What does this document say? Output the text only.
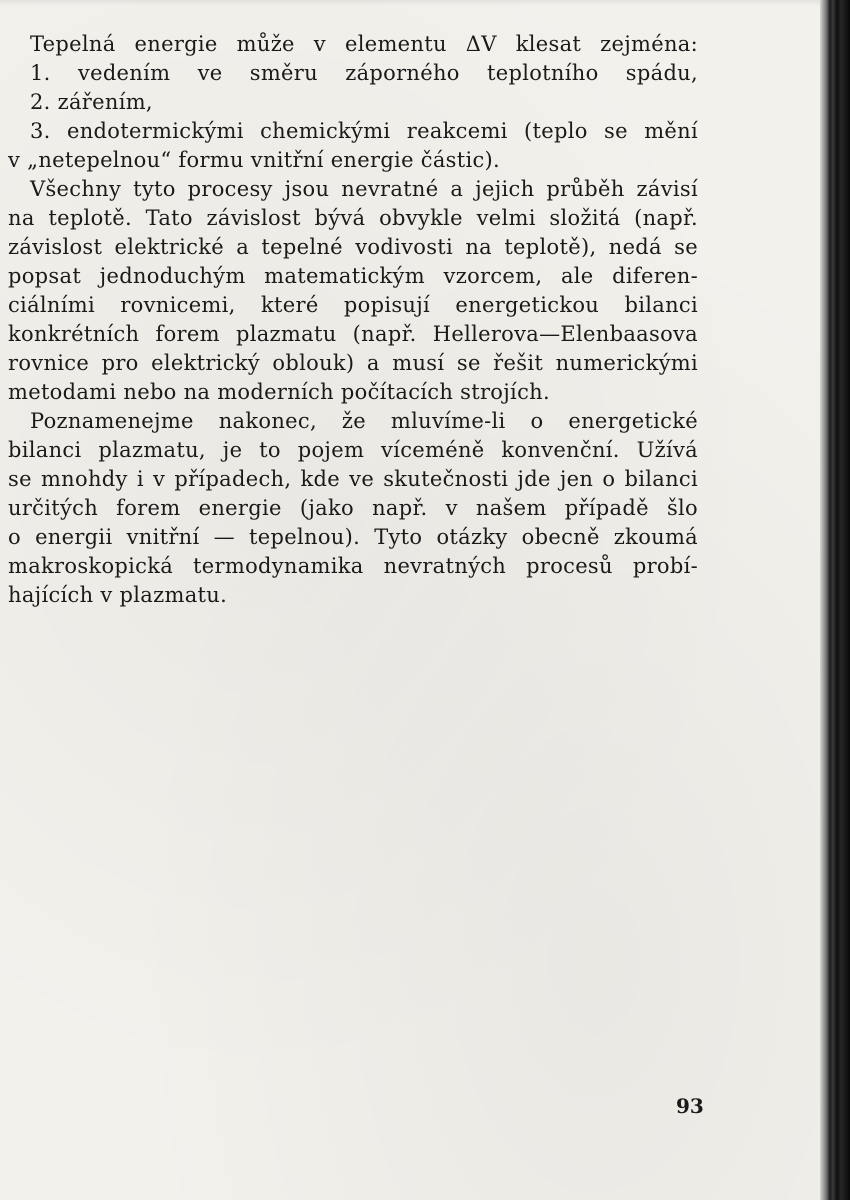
Tepelná energie může v elementu ΔV klesat zejména:
1. vedením ve směru záporného teplotního spádu,
2. zářením,
3. endotermickými chemickými reakcemi (teplo se mění
v „netepelnou“ formu vnitřní energie částic).
Všechny tyto procesy jsou nevratné a jejich průběh závisí
na teplotě. Tato závislost bývá obvykle velmi složitá (např.
závislost elektrické a tepelné vodivosti na teplotě), nedá se
popsat jednoduchým matematickým vzorcem, ale diferen-
ciálními rovnicemi, které popisují energetickou bilanci
konkrétních forem plazmatu (např. Hellerova—Elenbaasova
rovnice pro elektrický oblouk) a musí se řešit numerickými
metodami nebo na moderních počítacích strojích.
Poznamenejme nakonec, že mluvíme-li o energetické
bilanci plazmatu, je to pojem víceméně konvenční. Užívá
se mnohdy i v případech, kde ve skutečnosti jde jen o bilanci
určitých forem energie (jako např. v našem případě šlo
o energii vnitřní — tepelnou). Tyto otázky obecně zkoumá
makroskopická termodynamika nevratných procesů probí-
hajících v plazmatu.
93
